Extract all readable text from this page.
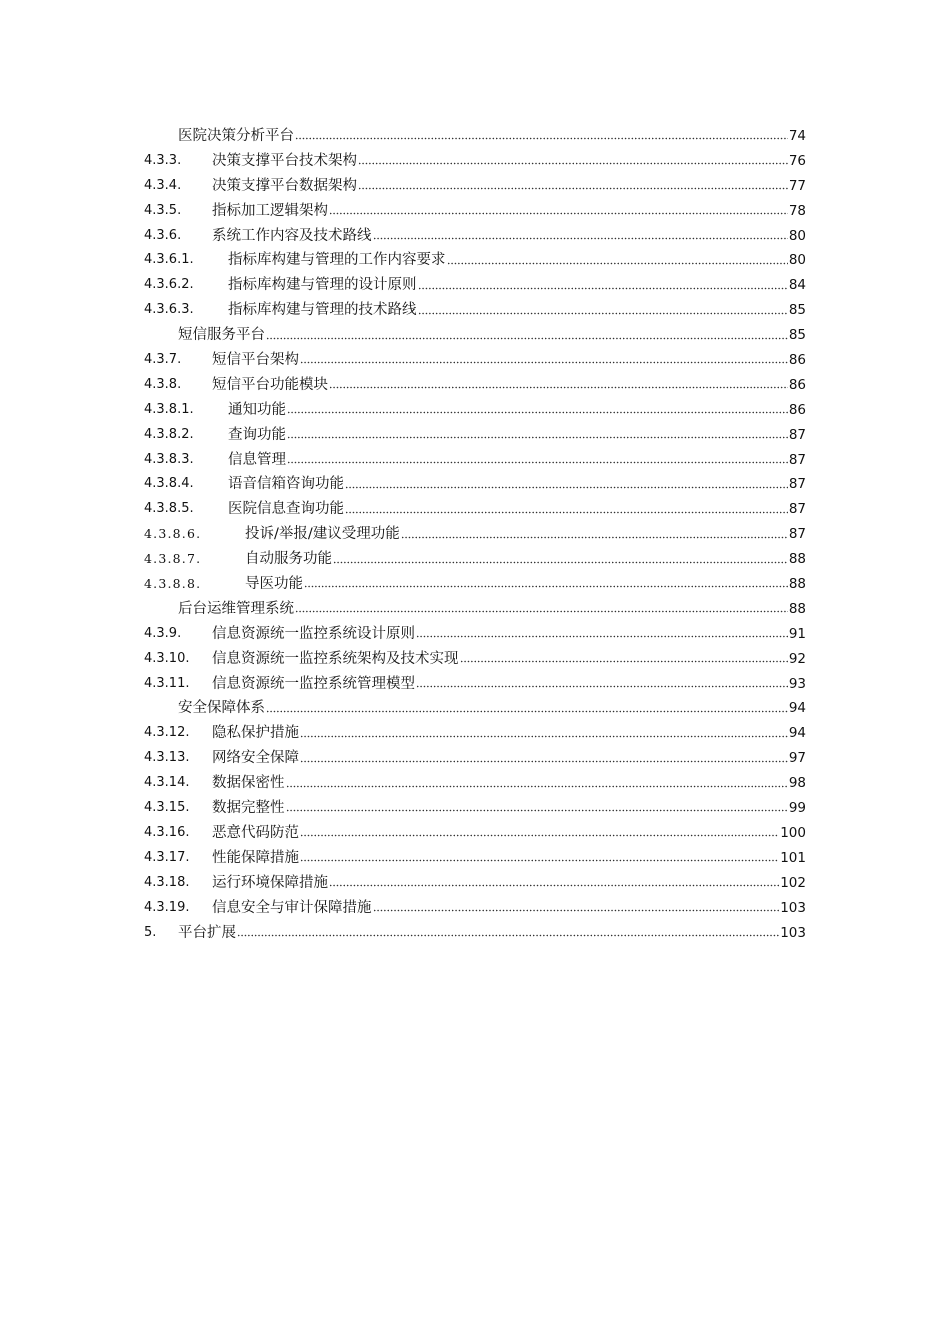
医院决策分析平台	74
4.3.3.	决策支撑平台技术架构	76
4.3.4.	决策支撑平台数据架构	77
4.3.5.	指标加工逻辑架构	78
4.3.6.	系统工作内容及技术路线	80
4.3.6.1.	指标库构建与管理的工作内容要求	80
4.3.6.2.	指标库构建与管理的设计原则	84
4.3.6.3.	指标库构建与管理的技术路线	85
短信服务平台	85
4.3.7.	短信平台架构	86
4.3.8.	短信平台功能模块	86
4.3.8.1.	通知功能	86
4.3.8.2.	查询功能	87
4.3.8.3.	信息管理	87
4.3.8.4.	语音信箱咨询功能	87
4.3.8.5.	医院信息查询功能	87
4.3.8.6.	投诉/举报/建议受理功能	87
4.3.8.7.	自动服务功能	88
4.3.8.8.	导医功能	88
后台运维管理系统	88
4.3.9.	信息资源统一监控系统设计原则	91
4.3.10.	信息资源统一监控系统架构及技术实现	92
4.3.11.	信息资源统一监控系统管理模型	93
安全保障体系	94
4.3.12.	隐私保护措施	94
4.3.13.	网络安全保障	97
4.3.14.	数据保密性	98
4.3.15.	数据完整性	99
4.3.16.	恶意代码防范	100
4.3.17.	性能保障措施	101
4.3.18.	运行环境保障措施	102
4.3.19.	信息安全与审计保障措施	103
5.	平台扩展	103
